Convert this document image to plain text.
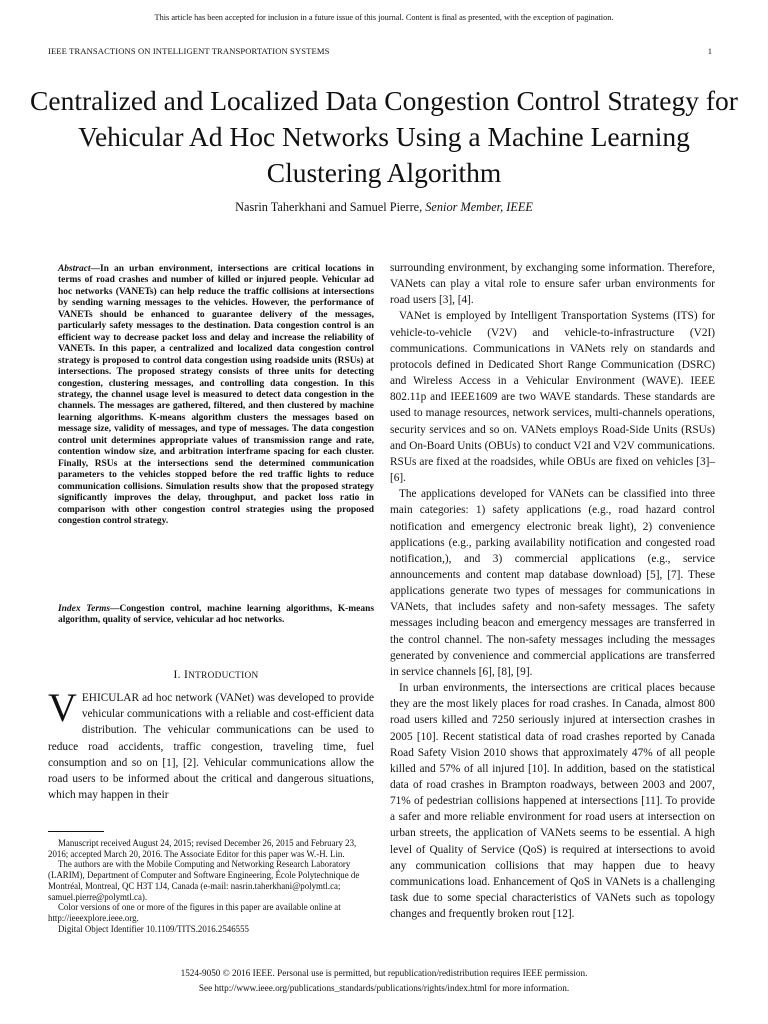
This article has been accepted for inclusion in a future issue of this journal. Content is final as presented, with the exception of pagination.
IEEE TRANSACTIONS ON INTELLIGENT TRANSPORTATION SYSTEMS	1
Centralized and Localized Data Congestion Control Strategy for Vehicular Ad Hoc Networks Using a Machine Learning Clustering Algorithm
Nasrin Taherkhani and Samuel Pierre, Senior Member, IEEE
Abstract—In an urban environment, intersections are critical locations in terms of road crashes and number of killed or injured people. Vehicular ad hoc networks (VANETs) can help reduce the traffic collisions at intersections by sending warning messages to the vehicles. However, the performance of VANETs should be enhanced to guarantee delivery of the messages, particularly safety messages to the destination. Data congestion control is an efficient way to decrease packet loss and delay and increase the reliability of VANETs. In this paper, a centralized and localized data congestion control strategy is proposed to control data congestion using roadside units (RSUs) at intersections. The proposed strategy consists of three units for detecting congestion, clustering messages, and controlling data congestion. In this strategy, the channel usage level is measured to detect data congestion in the channels. The messages are gathered, filtered, and then clustered by machine learning algorithms. K-means algorithm clusters the messages based on message size, validity of messages, and type of messages. The data congestion control unit determines appropriate values of transmission range and rate, contention window size, and arbitration interframe spacing for each cluster. Finally, RSUs at the intersections send the determined communication parameters to the vehicles stopped before the red traffic lights to reduce communication collisions. Simulation results show that the proposed strategy significantly improves the delay, throughput, and packet loss ratio in comparison with other congestion control strategies using the proposed congestion control strategy.
Index Terms—Congestion control, machine learning algorithms, K-means algorithm, quality of service, vehicular ad hoc networks.
I. INTRODUCTION
VEHICULAR ad hoc network (VANet) was developed to provide vehicular communications with a reliable and cost-efficient data distribution. The vehicular communications can be used to reduce road accidents, traffic congestion, traveling time, fuel consumption and so on [1], [2]. Vehicular communications allow the road users to be informed about the critical and dangerous situations, which may happen in their

Manuscript received August 24, 2015; revised December 26, 2015 and February 23, 2016; accepted March 20, 2016. The Associate Editor for this paper was W.-H. Lin.

The authors are with the Mobile Computing and Networking Research Laboratory (LARIM), Department of Computer and Software Engineering, École Polytechnique de Montréal, Montreal, QC H3T 1J4, Canada (e-mail: nasrin.taherkhani@polymtl.ca; samuel.pierre@polymtl.ca).

Color versions of one or more of the figures in this paper are available online at http://ieeexplore.ieee.org.

Digital Object Identifier 10.1109/TITS.2016.2546555

surrounding environment, by exchanging some information. Therefore, VANets can play a vital role to ensure safer urban environments for road users [3], [4].

VANet is employed by Intelligent Transportation Systems (ITS) for vehicle-to-vehicle (V2V) and vehicle-to-infrastructure (V2I) communications. Communications in VANets rely on standards and protocols defined in Dedicated Short Range Communication (DSRC) and Wireless Access in a Vehicular Environment (WAVE). IEEE 802.11p and IEEE1609 are two WAVE standards. These standards are used to manage resources, network services, multi-channels operations, security services and so on. VANets employs Road-Side Units (RSUs) and On-Board Units (OBUs) to conduct V2I and V2V communications. RSUs are fixed at the roadsides, while OBUs are fixed on vehicles [3]–[6].

The applications developed for VANets can be classified into three main categories: 1) safety applications (e.g., road hazard control notification and emergency electronic break light), 2) convenience applications (e.g., parking availability notification and congested road notification,), and 3) commercial applications (e.g., service announcements and content map database download) [5], [7]. These applications generate two types of messages for communications in VANets, that includes safety and non-safety messages. The safety messages including beacon and emergency messages are transferred in the control channel. The non-safety messages including the messages generated by convenience and commercial applications are transferred in service channels [6], [8], [9].

In urban environments, the intersections are critical places because they are the most likely places for road crashes. In Canada, almost 800 road users killed and 7250 seriously injured at intersection crashes in 2005 [10]. Recent statistical data of road crashes reported by Canada Road Safety Vision 2010 shows that approximately 47% of all people killed and 57% of all injured [10]. In addition, based on the statistical data of road crashes in Brampton roadways, between 2003 and 2007, 71% of pedestrian collisions happened at intersections [11]. To provide a safer and more reliable environment for road users at intersection on urban streets, the application of VANets seems to be essential. A high level of Quality of Service (QoS) is required at intersections to avoid any communication collisions that may happen due to heavy communications load. Enhancement of QoS in VANets is a challenging task due to some special characteristics of VANets such as topology changes and frequently broken rout [12].

1524-9050 © 2016 IEEE. Personal use is permitted, but republication/redistribution requires IEEE permission.
See http://www.ieee.org/publications_standards/publications/rights/index.html for more information.
